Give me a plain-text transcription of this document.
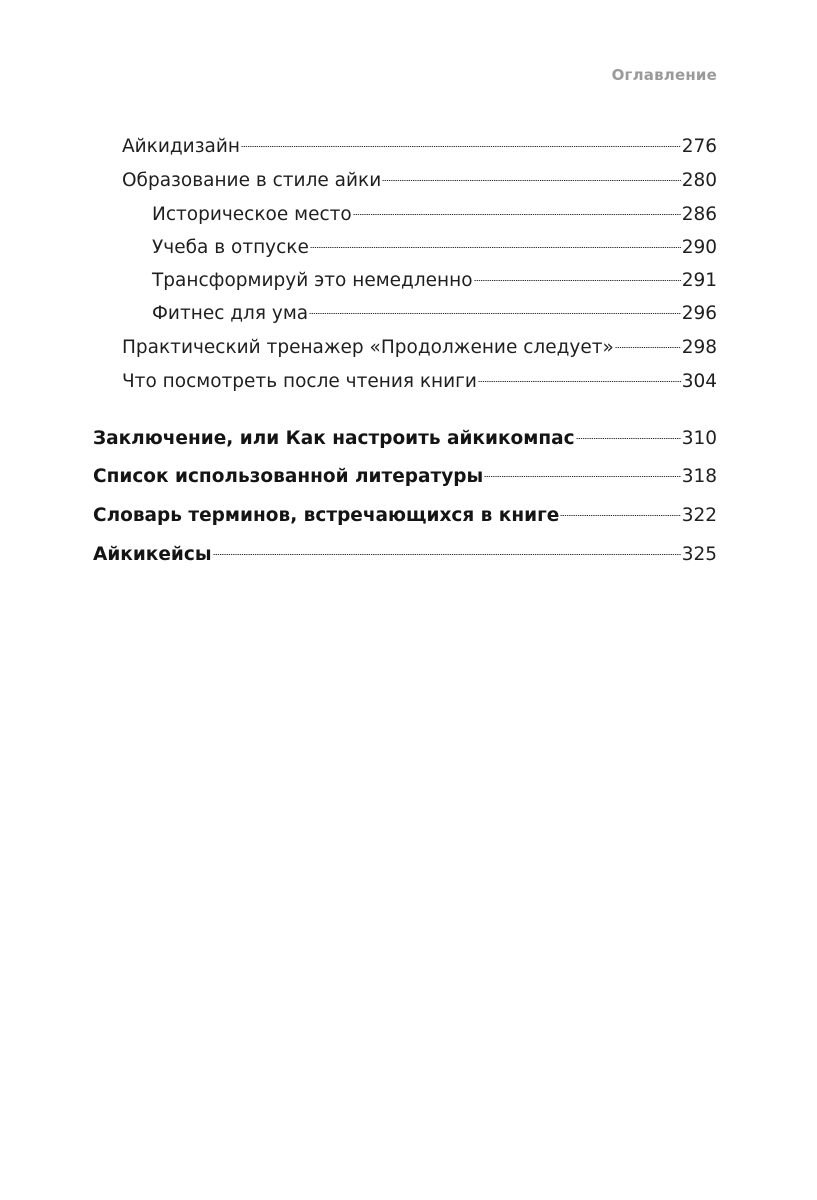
Оглавление
Айкидизайн	276
Образование в стиле айки	280
Историческое место	286
Учеба в отпуске	290
Трансформируй это немедленно	291
Фитнес для ума	296
Практический тренажер «Продолжение следует»	298
Что посмотреть после чтения книги	304
Заключение, или Как настроить айкикомпас	310
Список использованной литературы	318
Словарь терминов, встречающихся в книге	322
Айкикейсы	325
